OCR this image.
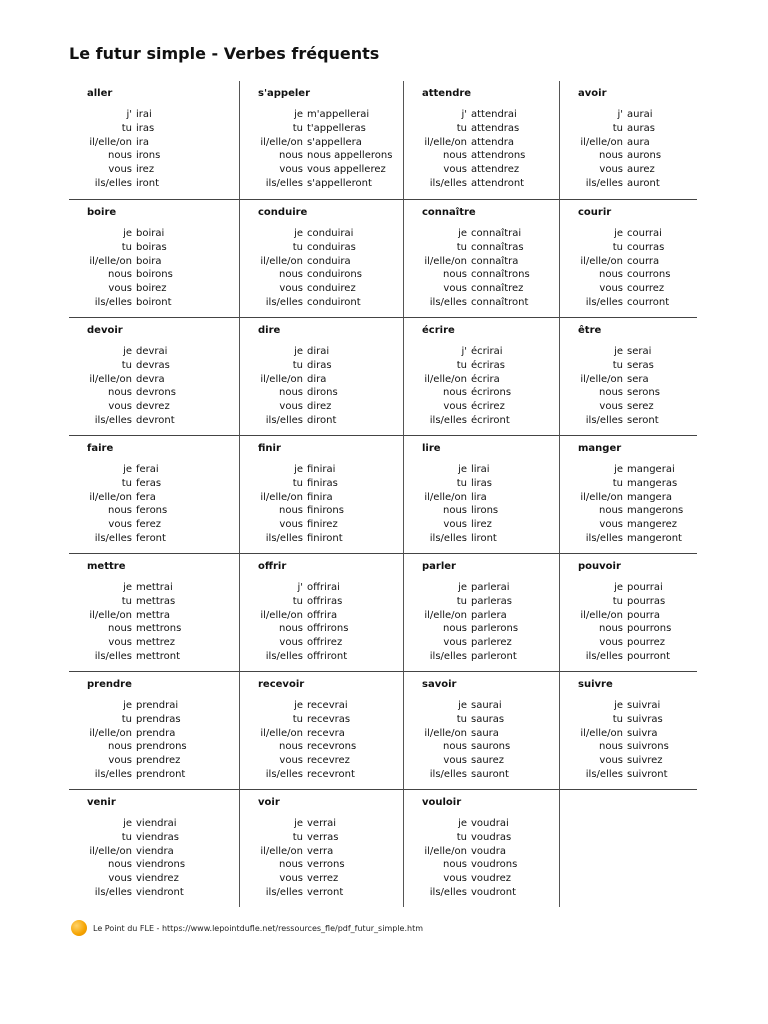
Le futur simple - Verbes fréquents
aller
j' irai
tu iras
il/elle/on ira
nous irons
vous irez
ils/elles iront
s'appeler
je m'appellerai
tu t'appelleras
il/elle/on s'appellera
nous nous appellerons
vous vous appellerez
ils/elles s'appelleront
attendre
j' attendrai
tu attendras
il/elle/on attendra
nous attendrons
vous attendrez
ils/elles attendront
avoir
j' aurai
tu auras
il/elle/on aura
nous aurons
vous aurez
ils/elles auront
boire
je boirai
tu boiras
il/elle/on boira
nous boirons
vous boirez
ils/elles boiront
conduire
je conduirai
tu conduiras
il/elle/on conduira
nous conduirons
vous conduirez
ils/elles conduiront
connaître
je connaîtrai
tu connaîtras
il/elle/on connaîtra
nous connaîtrons
vous connaîtrez
ils/elles connaîtront
courir
je courrai
tu courras
il/elle/on courra
nous courrons
vous courrez
ils/elles courront
devoir
je devrai
tu devras
il/elle/on devra
nous devrons
vous devrez
ils/elles devront
dire
je dirai
tu diras
il/elle/on dira
nous dirons
vous direz
ils/elles diront
écrire
j' écrirai
tu écriras
il/elle/on écrira
nous écrirons
vous écrirez
ils/elles écriront
être
je serai
tu seras
il/elle/on sera
nous serons
vous serez
ils/elles seront
faire
je ferai
tu feras
il/elle/on fera
nous ferons
vous ferez
ils/elles feront
finir
je finirai
tu finiras
il/elle/on finira
nous finirons
vous finirez
ils/elles finiront
lire
je lirai
tu liras
il/elle/on lira
nous lirons
vous lirez
ils/elles liront
manger
je mangerai
tu mangeras
il/elle/on mangera
nous mangerons
vous mangerez
ils/elles mangeront
mettre
je mettrai
tu mettras
il/elle/on mettra
nous mettrons
vous mettrez
ils/elles mettront
offrir
j' offrirai
tu offriras
il/elle/on offrira
nous offrirons
vous offrirez
ils/elles offriront
parler
je parlerai
tu parleras
il/elle/on parlera
nous parlerons
vous parlerez
ils/elles parleront
pouvoir
je pourrai
tu pourras
il/elle/on pourra
nous pourrons
vous pourrez
ils/elles pourront
prendre
je prendrai
tu prendras
il/elle/on prendra
nous prendrons
vous prendrez
ils/elles prendront
recevoir
je recevrai
tu recevras
il/elle/on recevra
nous recevrons
vous recevrez
ils/elles recevront
savoir
je saurai
tu sauras
il/elle/on saura
nous saurons
vous saurez
ils/elles sauront
suivre
je suivrai
tu suivras
il/elle/on suivra
nous suivrons
vous suivrez
ils/elles suivront
venir
je viendrai
tu viendras
il/elle/on viendra
nous viendrons
vous viendrez
ils/elles viendront
voir
je verrai
tu verras
il/elle/on verra
nous verrons
vous verrez
ils/elles verront
vouloir
je voudrai
tu voudras
il/elle/on voudra
nous voudrons
vous voudrez
ils/elles voudront
Le Point du FLE - https://www.lepointdufle.net/ressources_fle/pdf_futur_simple.htm
